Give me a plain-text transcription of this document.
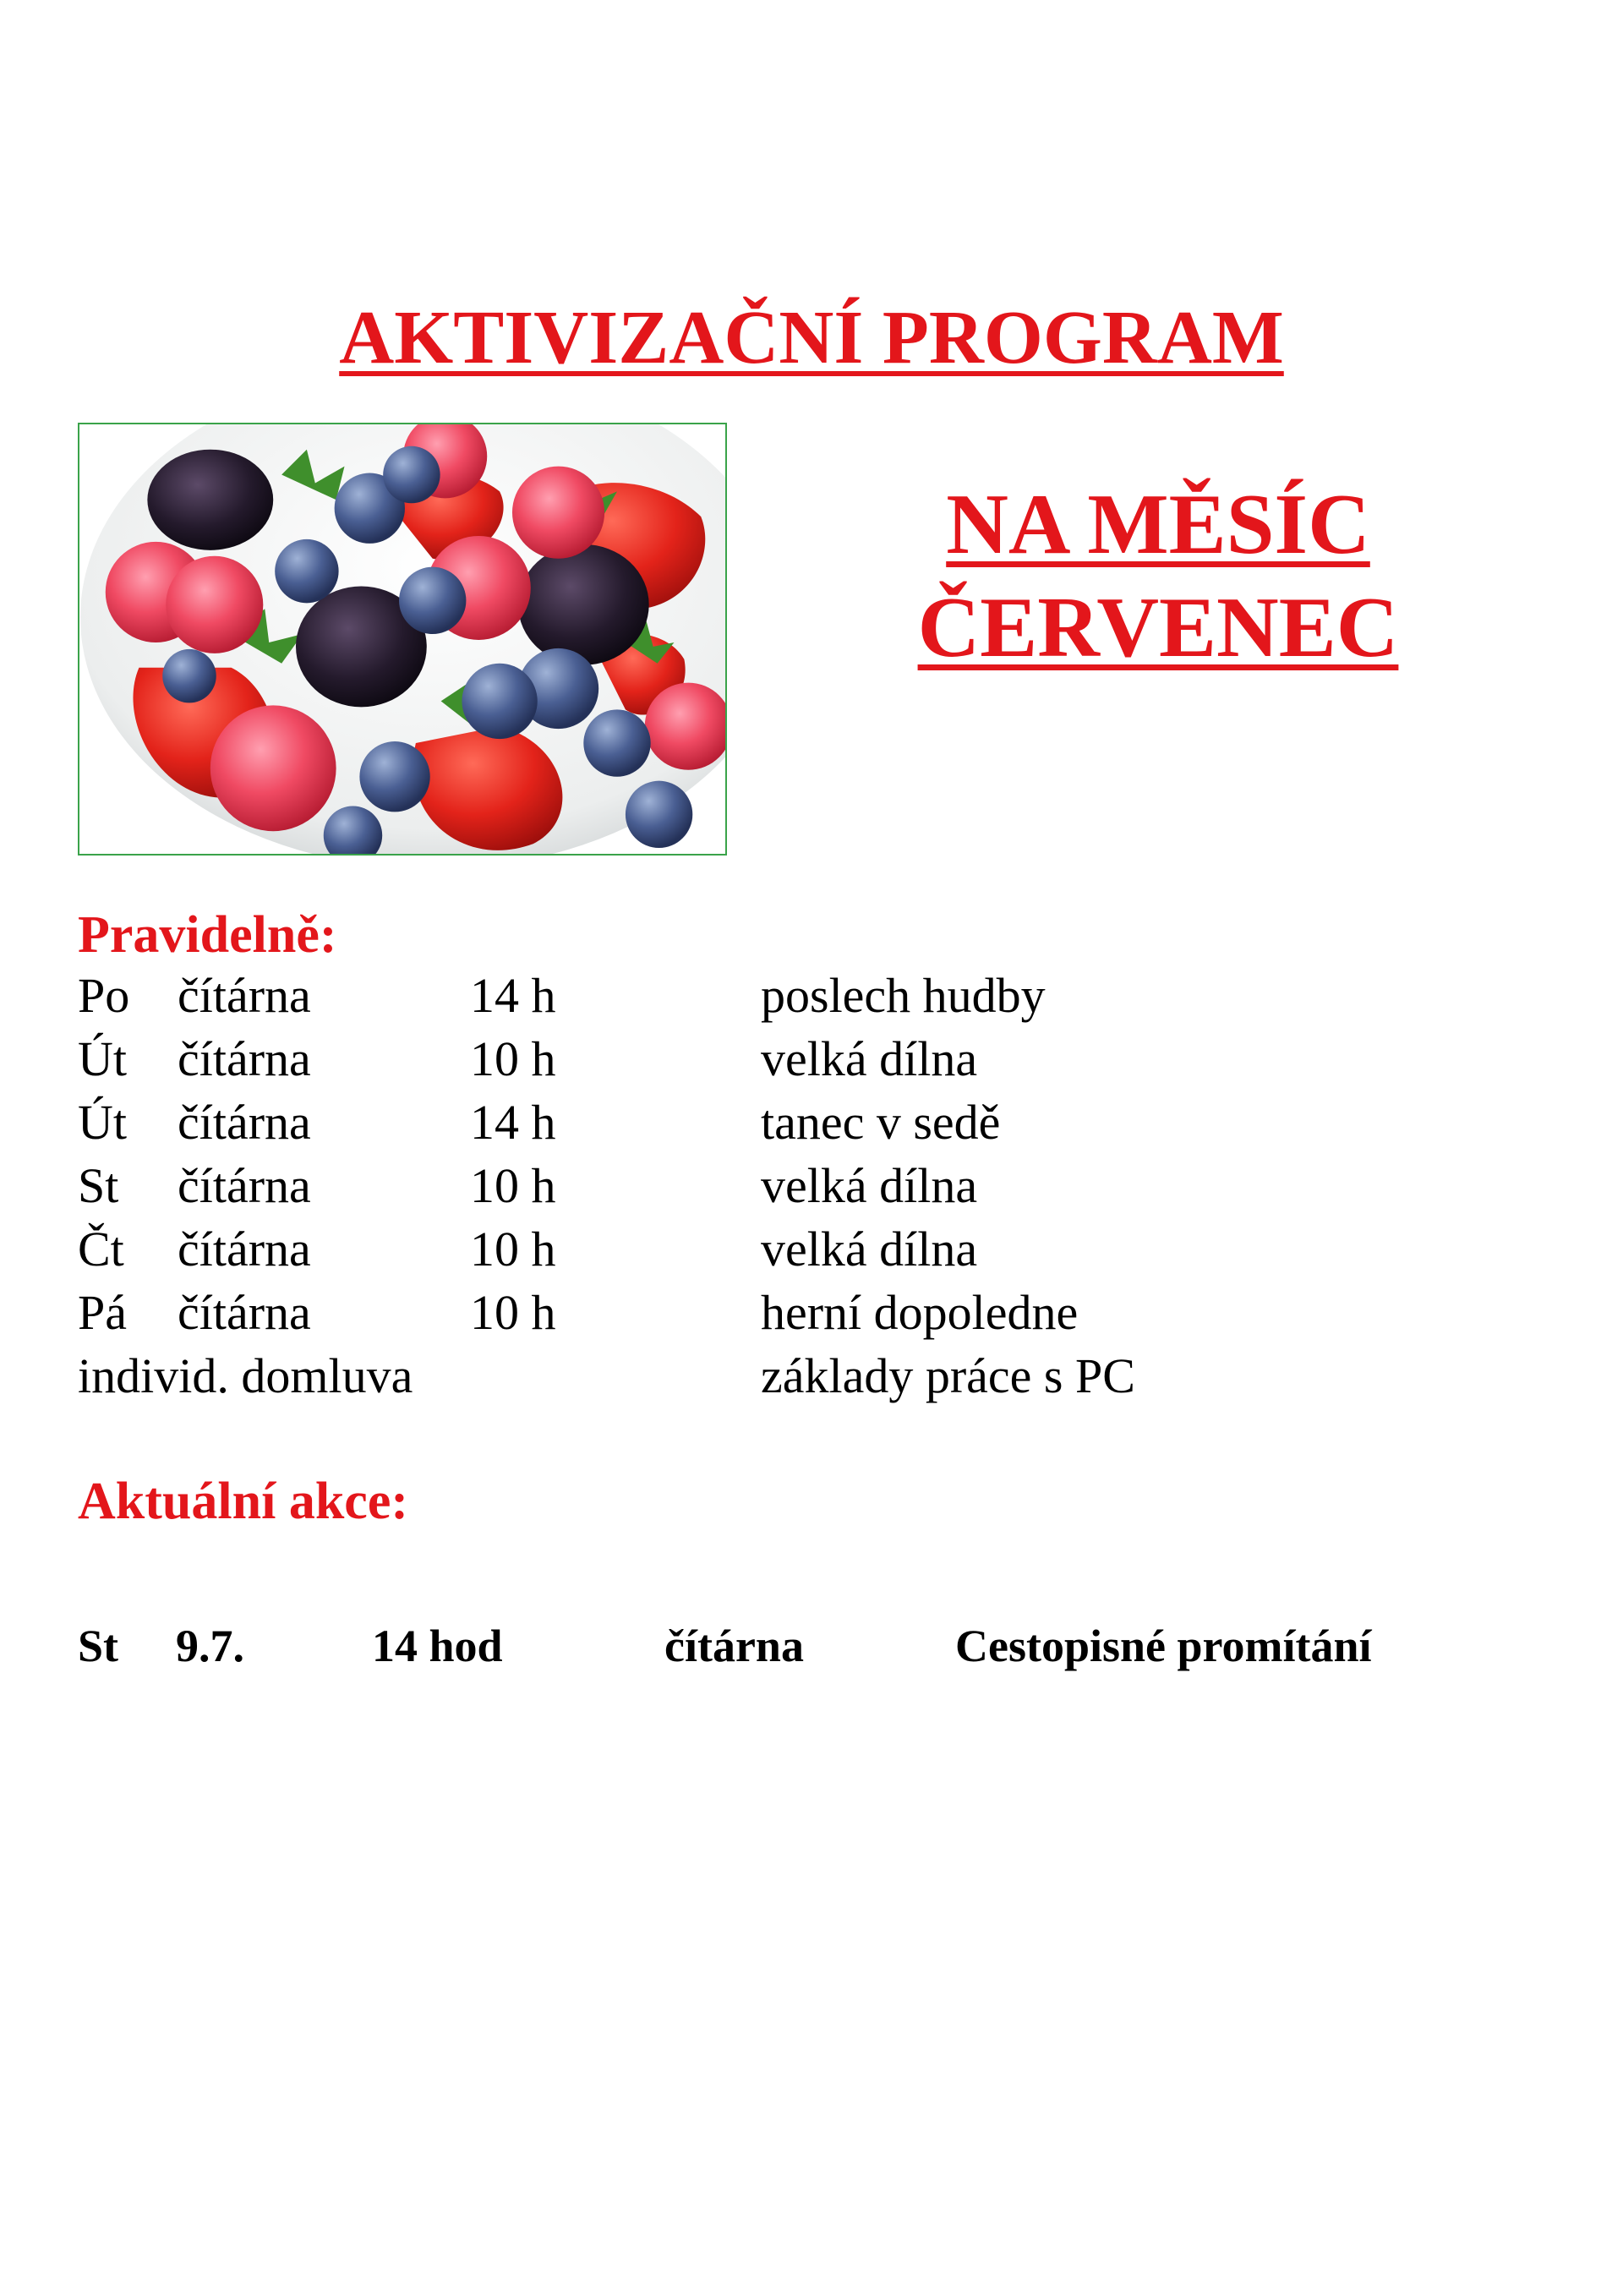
AKTIVIZAČNÍ PROGRAM
NA MĚSÍC
ČERVENEC
Pravidelně:
Po čítárna	14 h	poslech hudby
Út čítárna	10 h	velká dílna
Út čítárna	14 h	tanec v sedě
St čítárna	10 h	velká dílna
Čt čítárna	10 h	velká dílna
Pá čítárna	10 h	herní dopoledne
individ. domluva	základy práce s PC
Aktuální akce:
St 9.7.	14 hod	čítárna	Cestopisné promítání
